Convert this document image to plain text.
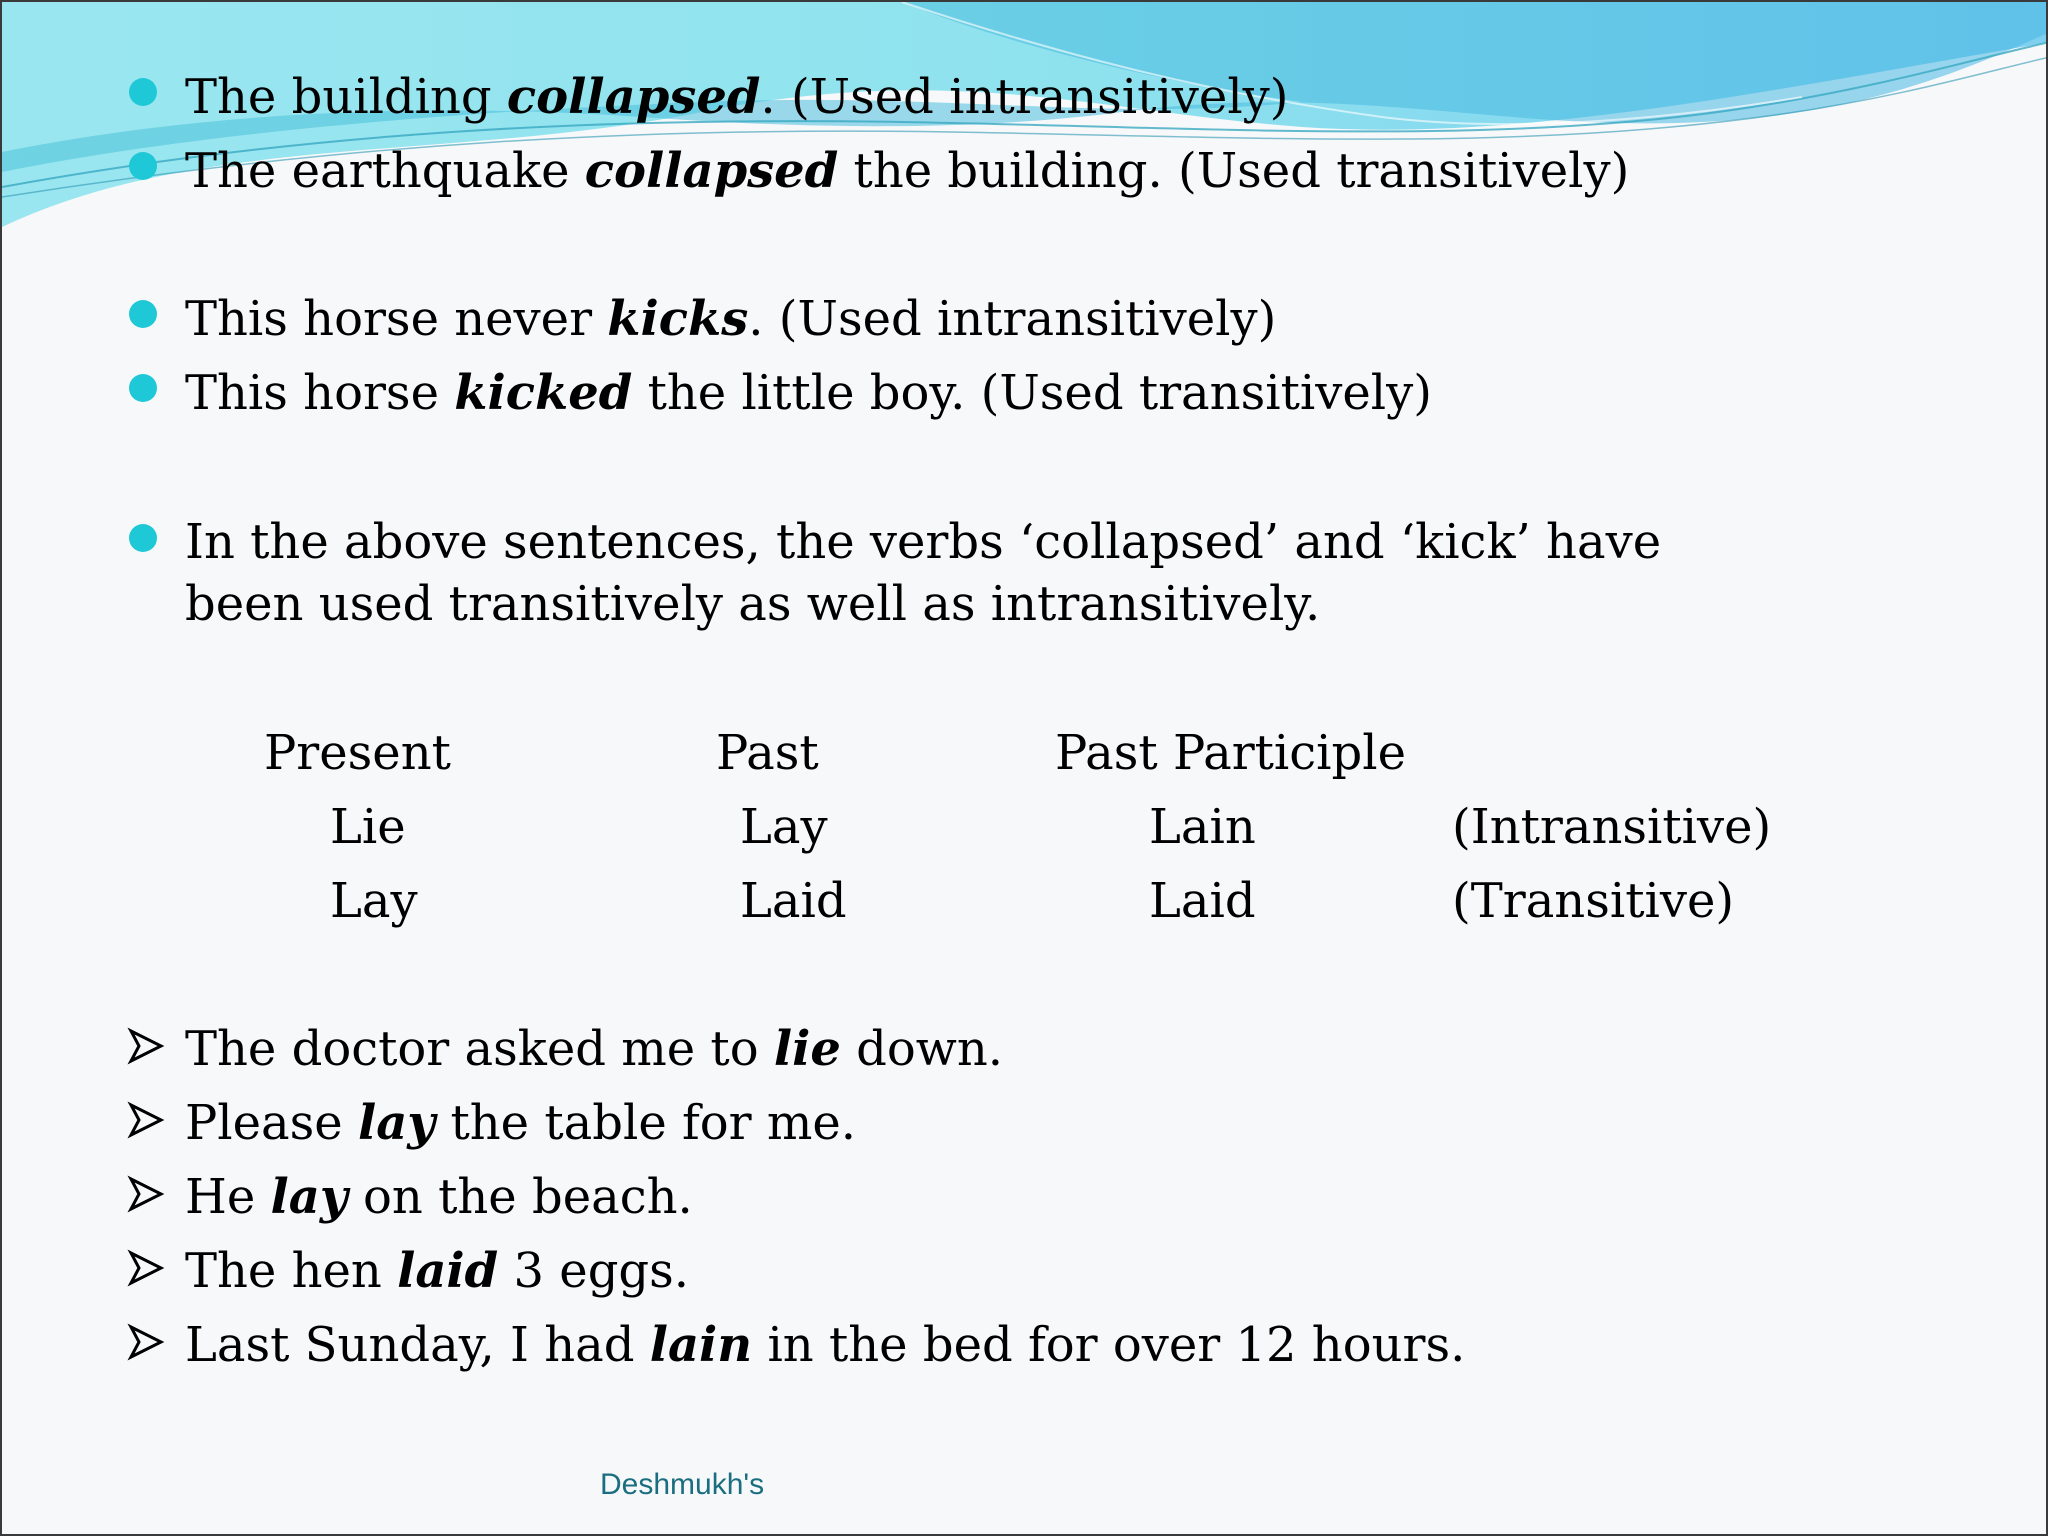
The building collapsed. (Used intransitively)
The earthquake collapsed the building. (Used transitively)
This horse never kicks. (Used intransitively)
This horse kicked the little boy. (Used transitively)
In the above sentences, the verbs ‘collapsed’ and ‘kick’ have been used transitively as well as intransitively.
Present	Past	Past Participle
Lie	Lay	Lain	(Intransitive)
Lay	Laid	Laid	(Transitive)
The doctor asked me to lie down.
Please lay the table for me.
He lay on the beach.
The hen laid 3 eggs.
Last Sunday, I had lain in the bed for over 12 hours.
Deshmukh's
